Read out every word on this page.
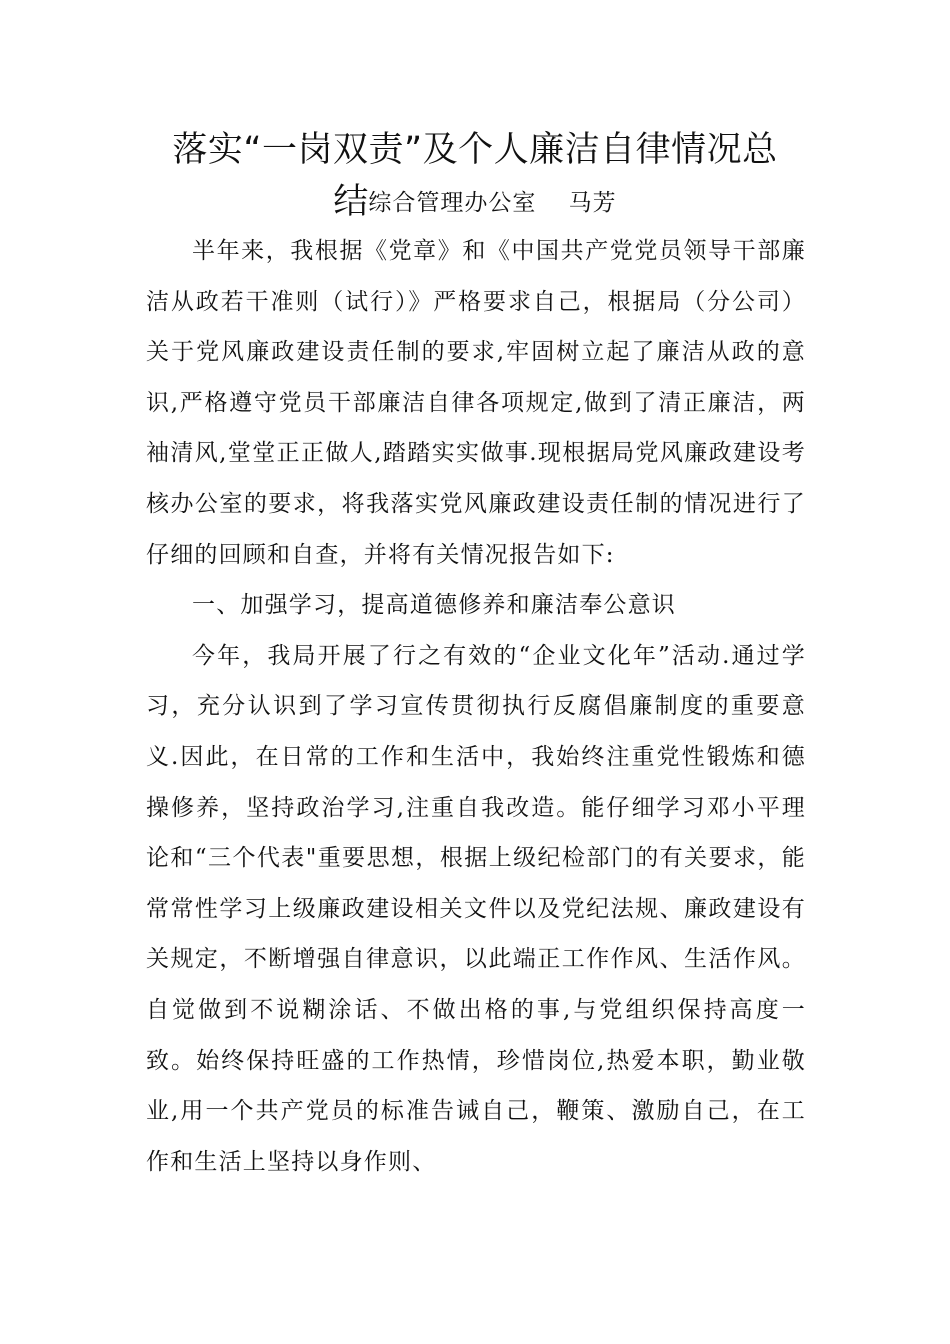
落实“一岗双责”及个人廉洁自律情况总
结综合管理办公室　 马芳

半年来，我根据《党章》和《中国共产党党员领导干部廉洁从政若干准则（试行）》严格要求自己，根据局（分公司）关于党风廉政建设责任制的要求,牢固树立起了廉洁从政的意识,严格遵守党员干部廉洁自律各项规定,做到了清正廉洁，两袖清风,堂堂正正做人,踏踏实实做事.现根据局党风廉政建设考核办公室的要求，将我落实党风廉政建设责任制的情况进行了仔细的回顾和自查，并将有关情况报告如下:

一、加强学习，提高道德修养和廉洁奉公意识

今年，我局开展了行之有效的“企业文化年”活动.通过学习，充分认识到了学习宣传贯彻执行反腐倡廉制度的重要意义.因此，在日常的工作和生活中，我始终注重党性锻炼和德操修养，坚持政治学习,注重自我改造。能仔细学习邓小平理论和“三个代表"重要思想，根据上级纪检部门的有关要求，能常常性学习上级廉政建设相关文件以及党纪法规、廉政建设有关规定，不断增强自律意识，以此端正工作作风、生活作风。自觉做到不说糊涂话、不做出格的事,与党组织保持高度一致。始终保持旺盛的工作热情，珍惜岗位,热爱本职，勤业敬业,用一个共产党员的标准告诫自己，鞭策、激励自己，在工作和生活上坚持以身作则、
